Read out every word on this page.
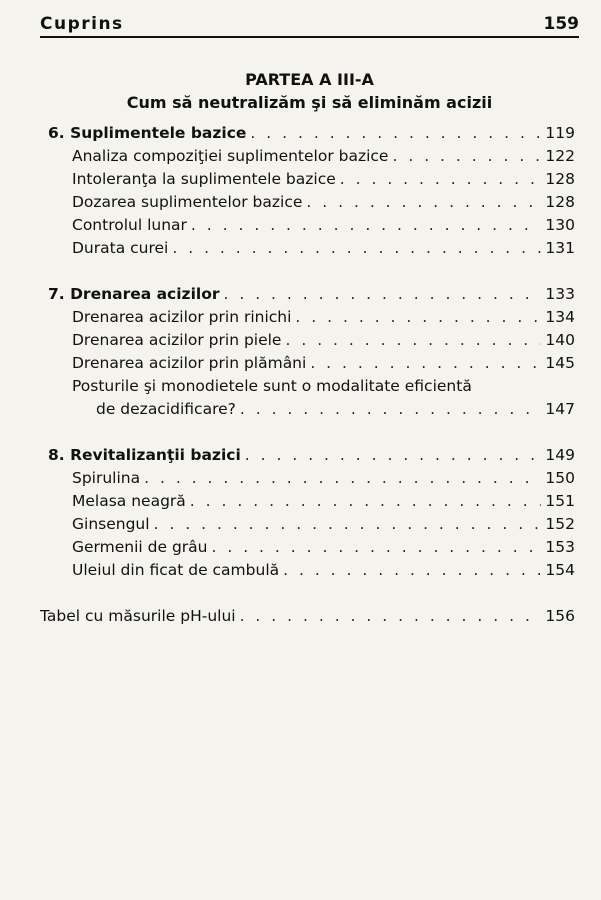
Cuprins	159
PARTEA A III-A
Cum să neutralizăm şi să eliminăm acizii
6. Suplimentele bazice . . .	119
Analiza compoziţiei suplimentelor bazice . . .	122
Intoleranţa la suplimentele bazice . . .	128
Dozarea suplimentelor bazice . . .	128
Controlul lunar . . .	130
Durata curei . . .	131
7. Drenarea acizilor . . .	133
Drenarea acizilor prin rinichi . . .	134
Drenarea acizilor prin piele . . .	140
Drenarea acizilor prin plămâni . . .	145
Posturile şi monodietele sunt o modalitate eficientă
de dezacidificare? . . .	147
8. Revitalizanţii bazici . . .	149
Spirulina . . .	150
Melasa neagră . . .	151
Ginsengul . . .	152
Germenii de grâu . . .	153
Uleiul din ficat de cambulă . . .	154
Tabel cu măsurile pH-ului . . .	156
